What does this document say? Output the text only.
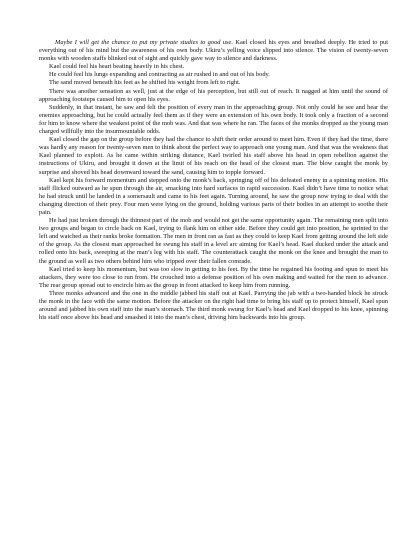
Maybe I will get the chance to put my private studies to good use. Kael closed his eyes and breathed deeply. He tried to put everything out of his mind but the awareness of his own body. Ukiru’s yelling voice slipped into silence. The vision of twenty-seven monks with wooden staffs blinked out of sight and quickly gave way to silence and darkness.

Kael could feel his heart beating heavily in his chest.

He could feel his lungs expanding and contracting as air rushed in and out of his body.

The sand moved beneath his feet as he shifted his weight from left to right.

There was another sensation as well, just at the edge of his perception, but still out of reach. It nagged at him until the sound of approaching footsteps caused him to open his eyes.

Suddenly, in that instant, he saw and felt the position of every man in the approaching group. Not only could he see and hear the enemies approaching, but he could actually feel them as if they were an extension of his own body. It took only a fraction of a second for him to know where the weakest point of the mob was. And that was where he ran. The faces of the monks dropped as the young man charged willfully into the insurmountable odds.

Kael closed the gap on the group before they had the chance to shift their order around to meet him. Even if they had the time, there was hardly any reason for twenty-seven men to think about the perfect way to approach one young man. And that was the weakness that Kael planned to exploit. As he came within striking distance, Kael twirled his staff above his head in open rebellion against the instructions of Ukiru, and brought it down at the limit of his reach on the head of the closest man. The blow caught the monk by surprise and shoved his head downward toward the sand, causing him to topple forward.

Kael kept his forward momentum and stepped onto the monk’s back, springing off of his defeated enemy in a spinning motion. His staff flicked outward as he spun through the air, smacking into hard surfaces in rapid succession. Kael didn’t have time to notice what he had struck until he landed in a somersault and came to his feet again. Turning around, he saw the group now trying to deal with the changing direction of their prey. Four men were lying on the ground, holding various parts of their bodies in an attempt to soothe their pain.

He had just broken through the thinnest part of the mob and would not get the same opportunity again. The remaining men split into two groups and began to circle back on Kael, trying to flank him on either side. Before they could get into position, he sprinted to the left and watched as their ranks broke formation. The men in front ran as fast as they could to keep Kael from getting around the left side of the group. As the closest man approached he swung his staff in a level arc aiming for Kael’s head. Kael ducked under the attack and rolled onto his back, sweeping at the man’s leg with his staff. The counterattack caught the monk on the knee and brought the man to the ground as well as two others behind him who tripped over their fallen comrade.

Kael tried to keep his momentum, but was too slow in getting to his feet. By the time he regained his footing and spun to meet his attackers, they were too close to run from. He crouched into a defense position of his own making and waited for the men to advance. The rear group spread out to encircle him as the group in front attacked to keep him from running.

Three monks advanced and the one in the middle jabbed his staff out at Kael. Parrying the jab with a two-handed block he struck the monk in the face with the same motion. Before the attacker on the right had time to bring his staff up to protect himself, Kael spun around and jabbed his own staff into the man’s stomach. The third monk swung for Kael’s head and Kael dropped to his knee, spinning his staff once above his head and smashed it into the man’s chest, driving him backwards into his group.
